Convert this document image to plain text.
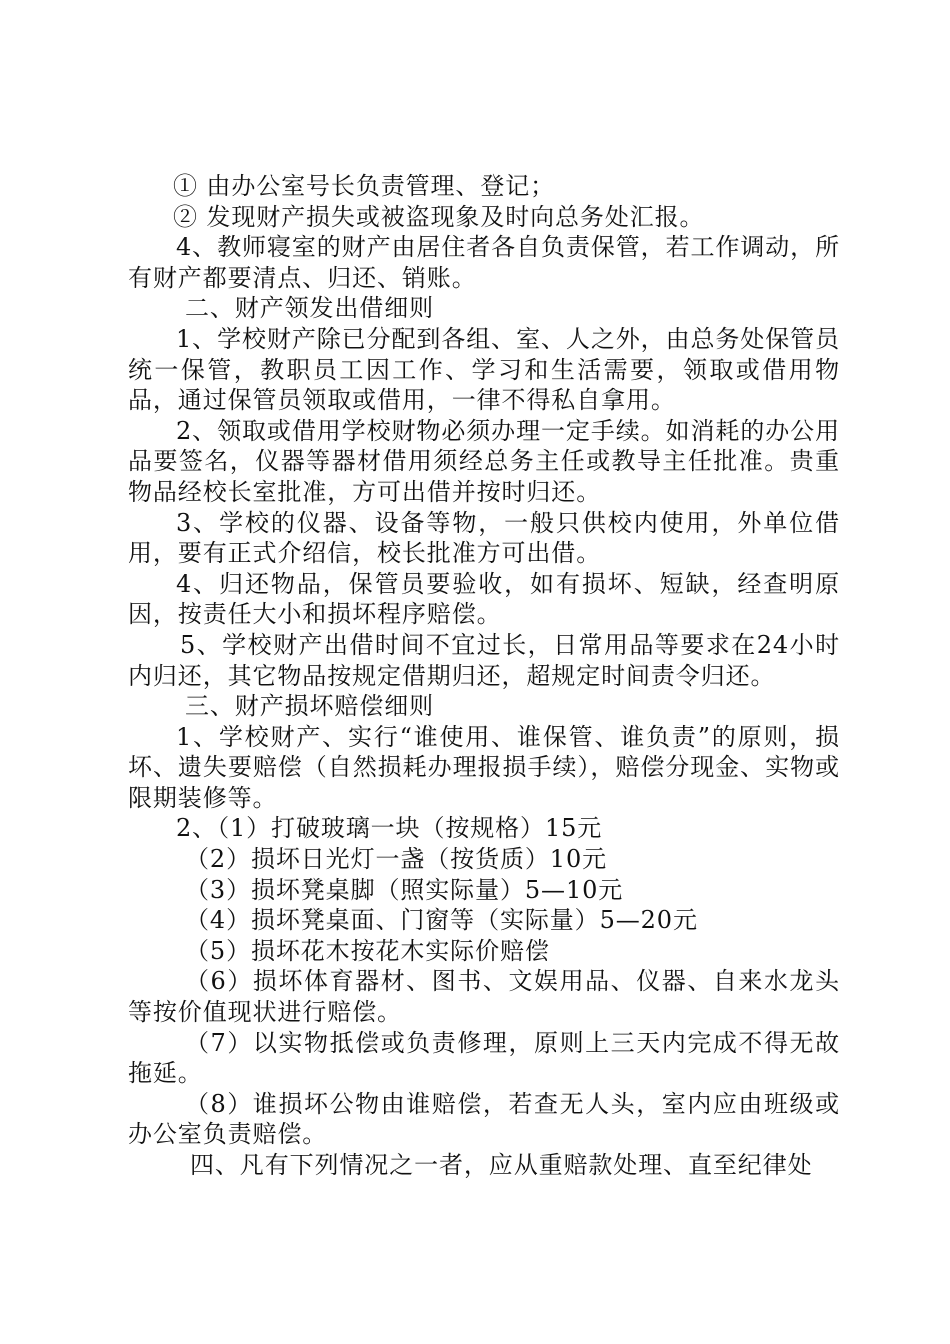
① 由办公室号长负责管理、登记；

② 发现财产损失或被盗现象及时向总务处汇报。

4、教师寝室的财产由居住者各自负责保管，若工作调动，所有财产都要清点、归还、销账。

二、财产领发出借细则

1、学校财产除已分配到各组、室、人之外，由总务处保管员统一保管，教职员工因工作、学习和生活需要，领取或借用物品，通过保管员领取或借用，一律不得私自拿用。

2、领取或借用学校财物必须办理一定手续。如消耗的办公用品要签名，仪器等器材借用须经总务主任或教导主任批准。贵重物品经校长室批准，方可出借并按时归还。

3、学校的仪器、设备等物，一般只供校内使用，外单位借用，要有正式介绍信，校长批准方可出借。

4、归还物品，保管员要验收，如有损坏、短缺，经查明原因，按责任大小和损坏程序赔偿。

5、学校财产出借时间不宜过长，日常用品等要求在24小时内归还，其它物品按规定借期归还，超规定时间责令归还。

三、财产损坏赔偿细则

1、学校财产、实行“谁使用、谁保管、谁负责”的原则，损坏、遗失要赔偿（自然损耗办理报损手续），赔偿分现金、实物或限期装修等。

2、（1）打破玻璃一块（按规格）15元

（2）损坏日光灯一盏（按货质）10元

（3）损坏凳桌脚（照实际量）5—10元

（4）损坏凳桌面、门窗等（实际量）5—20元

（5）损坏花木按花木实际价赔偿

（6）损坏体育器材、图书、文娱用品、仪器、自来水龙头等按价值现状进行赔偿。

（7）以实物抵偿或负责修理，原则上三天内完成不得无故拖延。

（8）谁损坏公物由谁赔偿，若查无人头，室内应由班级或办公室负责赔偿。

四、凡有下列情况之一者，应从重赔款处理、直至纪律处
